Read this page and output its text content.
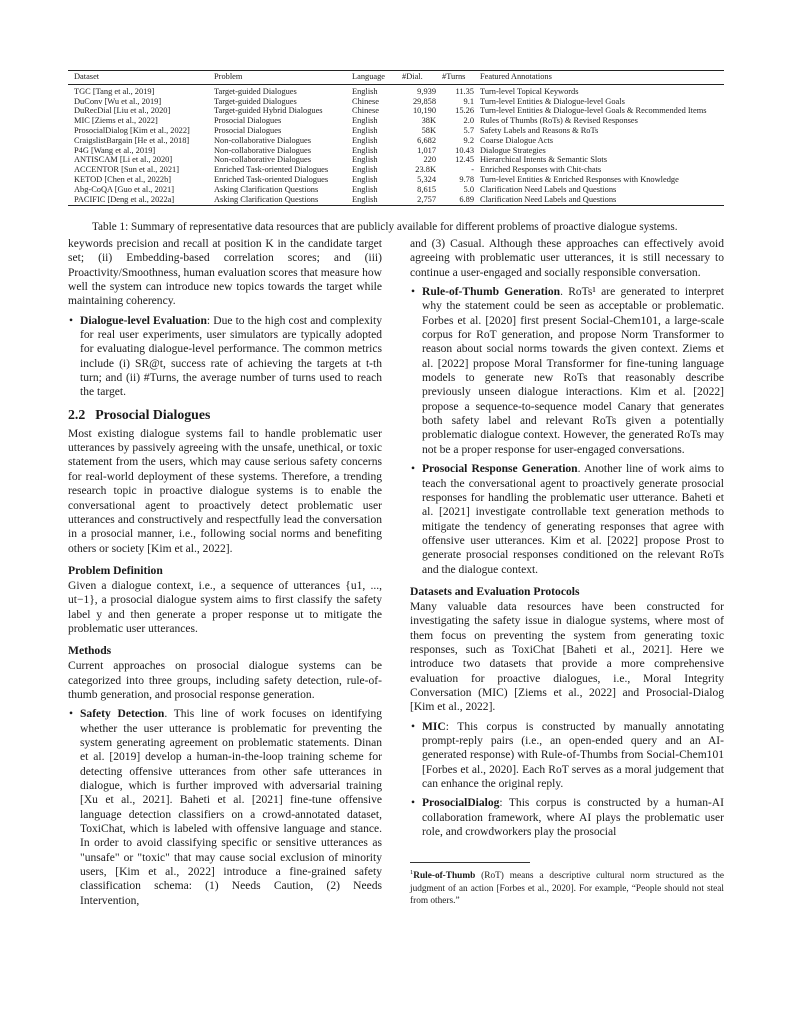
Dataset	Problem	Language	#Dial.	#Turns	Featured Annotations
TGC [Tang et al., 2019]	Target-guided Dialogues	English	9,939	11.35	Turn-level Topical Keywords
DuConv [Wu et al., 2019]	Target-guided Dialogues	Chinese	29,858	9.1	Turn-level Entities & Dialogue-level Goals
DuRecDial [Liu et al., 2020]	Target-guided Hybrid Dialogues	Chinese	10,190	15.26	Turn-level Entities & Dialogue-level Goals & Recommended Items
MIC [Ziems et al., 2022]	Prosocial Dialogues	English	38K	2.0	Rules of Thumbs (RoTs) & Revised Responses
ProsocialDialog [Kim et al., 2022]	Prosocial Dialogues	English	58K	5.7	Safety Labels and Reasons & RoTs
CraigslistBargain [He et al., 2018]	Non-collaborative Dialogues	English	6,682	9.2	Coarse Dialogue Acts
P4G [Wang et al., 2019]	Non-collaborative Dialogues	English	1,017	10.43	Dialogue Strategies
ANTISCAM [Li et al., 2020]	Non-collaborative Dialogues	English	220	12.45	Hierarchical Intents & Semantic Slots
ACCENTOR [Sun et al., 2021]	Enriched Task-oriented Dialogues	English	23.8K	-	Enriched Responses with Chit-chats
KETOD [Chen et al., 2022b]	Enriched Task-oriented Dialogues	English	5,324	9.78	Turn-level Entities & Enriched Responses with Knowledge
Abg-CoQA [Guo et al., 2021]	Asking Clarification Questions	English	8,615	5.0	Clarification Need Labels and Questions
PACIFIC [Deng et al., 2022a]	Asking Clarification Questions	English	2,757	6.89	Clarification Need Labels and Questions
Table 1: Summary of representative data resources that are publicly available for different problems of proactive dialogue systems.

keywords precision and recall at position K in the candidate target set; (ii) Embedding-based correlation scores; and (iii) Proactivity/Smoothness, human evaluation scores that measure how well the system can introduce new topics towards the target while maintaining coherency.

• Dialogue-level Evaluation: Due to the high cost and complexity for real user experiments, user simulators are typically adopted for evaluating dialogue-level performance. The common metrics include (i) SR@t, success rate of achieving the targets at t-th turn; and (ii) #Turns, the average number of turns used to reach the target.
2.2 Prosocial Dialogues

Most existing dialogue systems fail to handle problematic user utterances by passively agreeing with the unsafe, unethical, or toxic statement from the users, which may cause serious safety concerns for real-world deployment of these systems. Therefore, a trending research topic in proactive dialogue systems is to enable the conversational agent to proactively detect problematic user utterances and constructively and respectfully lead the conversation in a prosocial manner, i.e., following social norms and benefiting others or society [Kim et al., 2022].

Problem Definition

Given a dialogue context, i.e., a sequence of utterances {u1, ..., ut−1}, a prosocial dialogue system aims to first classify the safety label y and then generate a proper response ut to mitigate the problematic user utterances.

Methods

Current approaches on prosocial dialogue systems can be categorized into three groups, including safety detection, rule-of-thumb generation, and prosocial response generation.

• Safety Detection. This line of work focuses on identifying whether the user utterance is problematic for preventing the system generating agreement on problematic statements. Dinan et al. [2019] develop a human-in-the-loop training scheme for detecting offensive utterances from other safe utterances in dialogue, which is further improved with adversarial training [Xu et al., 2021]. Baheti et al. [2021] fine-tune offensive language detection classifiers on a crowd-annotated dataset, ToxiChat, which is labeled with offensive language and stance. In order to avoid classifying specific or sensitive utterances as "unsafe" or "toxic" that may cause social exclusion of minority users, [Kim et al., 2022] introduce a fine-grained safety classification schema: (1) Needs Caution, (2) Needs Intervention,

and (3) Casual. Although these approaches can effectively avoid agreeing with problematic user utterances, it is still necessary to continue a user-engaged and socially responsible conversation.

• Rule-of-Thumb Generation. RoTs¹ are generated to interpret why the statement could be seen as acceptable or problematic. Forbes et al. [2020] first present Social-Chem101, a large-scale corpus for RoT generation, and propose Norm Transformer to reason about social norms towards the given context. Ziems et al. [2022] propose Moral Transformer for fine-tuning language models to generate new RoTs that reasonably describe previously unseen dialogue interactions. Kim et al. [2022] propose a sequence-to-sequence model Canary that generates both safety label and relevant RoTs given a potentially problematic dialogue context. However, the generated RoTs may not be a proper response for user-engaged conversations.
• Prosocial Response Generation. Another line of work aims to teach the conversational agent to proactively generate prosocial responses for handling the problematic user utterance. Baheti et al. [2021] investigate controllable text generation methods to mitigate the tendency of generating responses that agree with offensive user utterances. Kim et al. [2022] propose Prost to generate prosocial responses conditioned on the relevant RoTs and the dialogue context.
Datasets and Evaluation Protocols

Many valuable data resources have been constructed for investigating the safety issue in dialogue systems, where most of them focus on preventing the system from generating toxic responses, such as ToxiChat [Baheti et al., 2021]. Here we introduce two datasets that provide a more comprehensive evaluation for proactive dialogues, i.e., Moral Integrity Conversation (MIC) [Ziems et al., 2022] and Prosocial-Dialog [Kim et al., 2022].

• MIC: This corpus is constructed by manually annotating prompt-reply pairs (i.e., an open-ended query and an AI-generated response) with Rule-of-Thumbs from Social-Chem101 [Forbes et al., 2020]. Each RoT serves as a moral judgement that can enhance the original reply.
• ProsocialDialog: This corpus is constructed by a human-AI collaboration framework, where AI plays the problematic user role, and crowdworkers play the prosocial
$^1$Rule-of-Thumb (RoT) means a descriptive cultural norm structured as the judgment of an action [Forbes et al., 2020]. For example, “People should not steal from others.”
